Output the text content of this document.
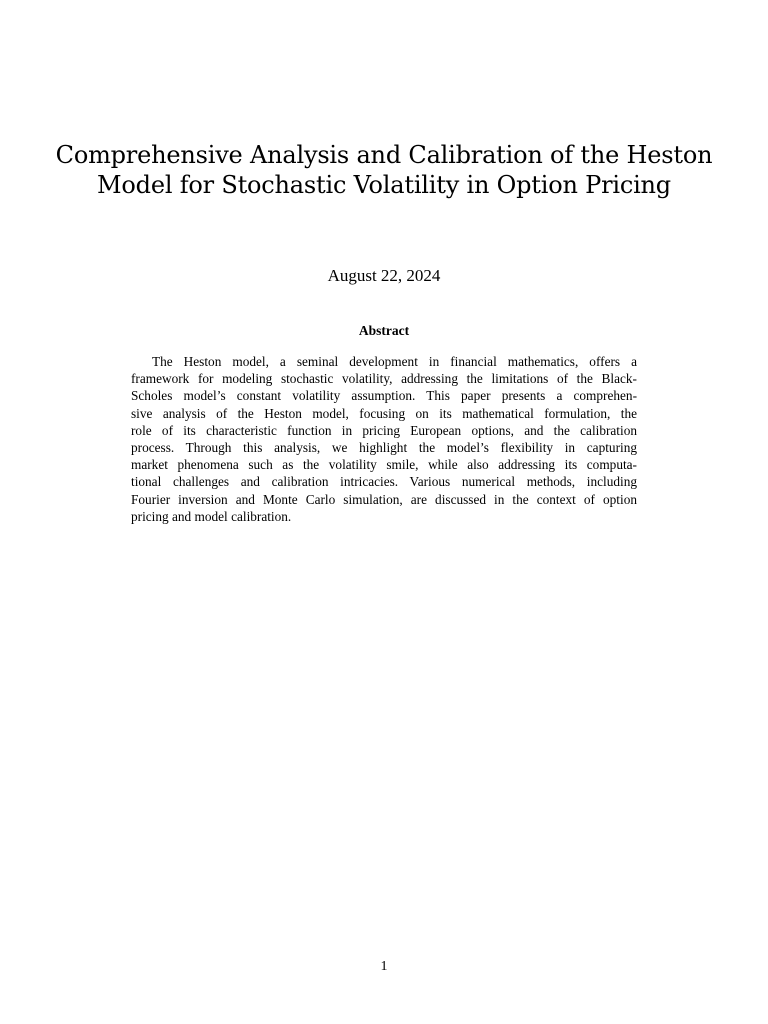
Comprehensive Analysis and Calibration of the Heston
Model for Stochastic Volatility in Option Pricing
August 22, 2024
Abstract
The Heston model, a seminal development in financial mathematics, offers a
framework for modeling stochastic volatility, addressing the limitations of the Black-
Scholes model’s constant volatility assumption. This paper presents a comprehen-
sive analysis of the Heston model, focusing on its mathematical formulation, the
role of its characteristic function in pricing European options, and the calibration
process. Through this analysis, we highlight the model’s flexibility in capturing
market phenomena such as the volatility smile, while also addressing its computa-
tional challenges and calibration intricacies. Various numerical methods, including
Fourier inversion and Monte Carlo simulation, are discussed in the context of option
pricing and model calibration.
1
